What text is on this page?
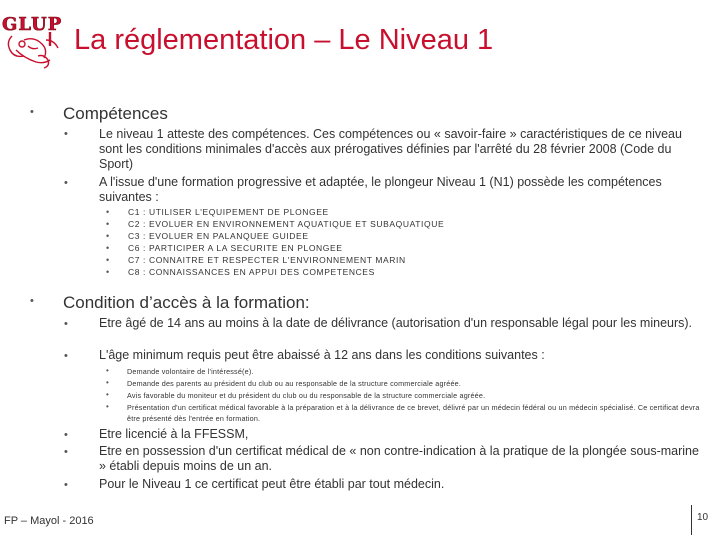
GLUP La réglementation – Le Niveau 1
• Compétences
• Le niveau 1 atteste des compétences. Ces compétences ou « savoir-faire » caractéristiques de ce niveau sont les conditions minimales d'accès aux prérogatives définies par l'arrêté du 28 février 2008 (Code du Sport)
• A l'issue d'une formation progressive et adaptée, le plongeur Niveau 1 (N1) possède les compétences suivantes :
• C1 : UTILISER L'EQUIPEMENT DE PLONGEE
• C2 : EVOLUER EN ENVIRONNEMENT AQUATIQUE ET SUBAQUATIQUE
• C3 : EVOLUER EN PALANQUEE GUIDEE
• C6 : PARTICIPER A LA SECURITE EN PLONGEE
• C7 : CONNAITRE ET RESPECTER L'ENVIRONNEMENT MARIN
• C8 : CONNAISSANCES EN APPUI DES COMPETENCES
• Condition d’accès à la formation:
• Etre âgé de 14 ans au moins à la date de délivrance (autorisation d'un responsable légal pour les mineurs).
• L'âge minimum requis peut être abaissé à 12 ans dans les conditions suivantes :
•	Demande volontaire de l'intéressé(e).
•	Demande des parents au président du club ou au responsable de la structure commerciale agréée.
•	Avis favorable du moniteur et du président du club ou du responsable de la structure commerciale agréée.
•	Présentation d'un certificat médical favorable à la préparation et à la délivrance de ce brevet, délivré par un médecin fédéral ou un médecin spécialisé. Ce certificat devra être présenté dès l'entrée en formation.
• Etre licencié à la FFESSM,
• Etre en possession d'un certificat médical de « non contre-indication à la pratique de la plongée sous-marine » établi depuis moins de un an.
• Pour le Niveau 1 ce certificat peut être établi par tout médecin.
FP – Mayol - 2016	10
